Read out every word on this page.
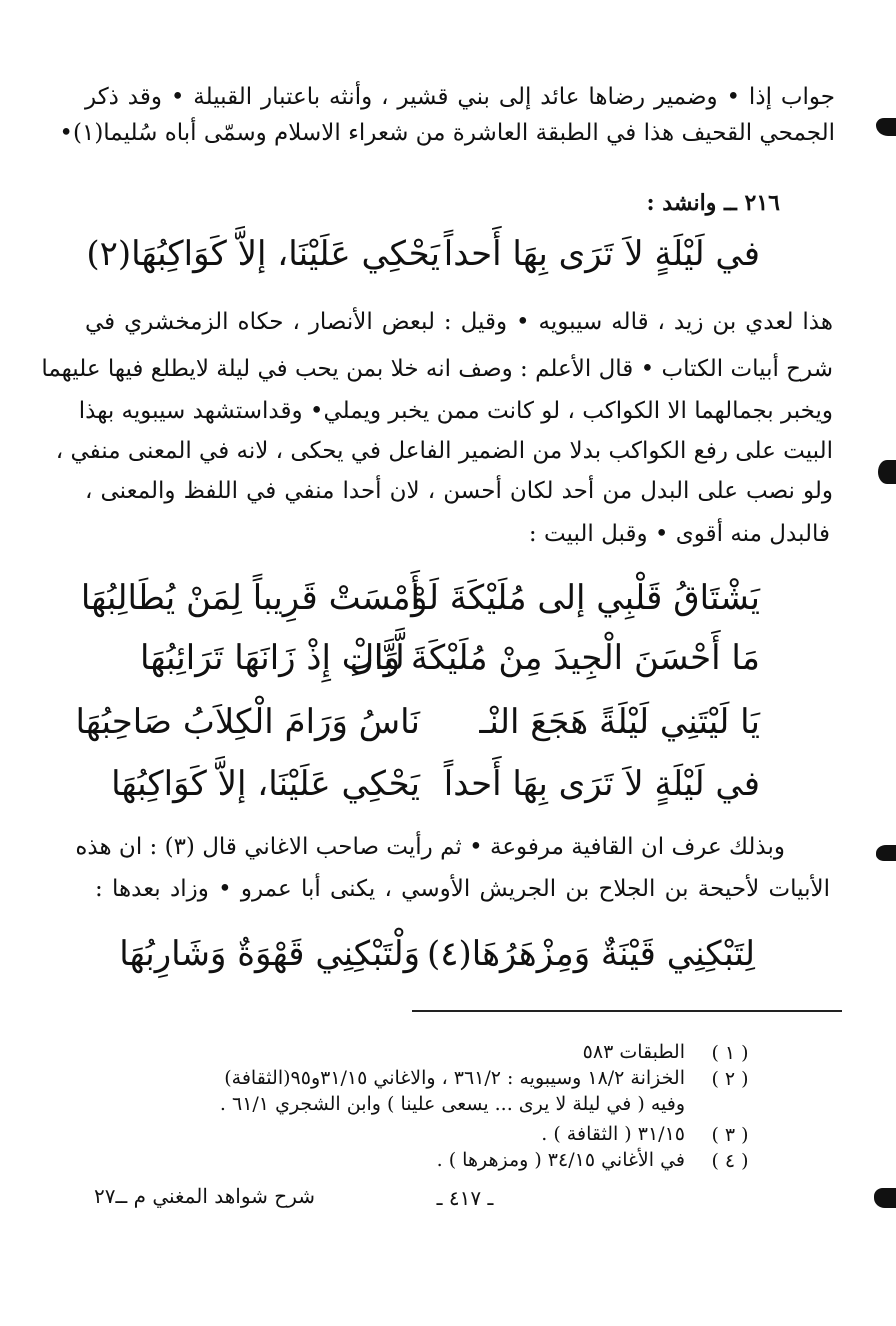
جواب إذا • وضمير رضاها عائد إلى بني قشير ، وأنثه باعتبار القبيلة • وقد ذكر
الجمحي القحيف هذا في الطبقة العاشرة من شعراء الاسلام وسمّى أباه سُليما(١)•
٢١٦ ــ وانشد :
في لَيْلَةٍ لاَ تَرَى بِهَا أَحداً
يَحْكِي عَلَيْنَا، إلاَّ كَوَاكِبُهَا(٢)
هذا لعدي بن زيد ، قاله سيبويه • وقيل : لبعض الأنصار ، حكاه الزمخشري في
شرح أبيات الكتاب • قال الأعلم : وصف انه خلا بمن يحب في ليلة لايطلع فيها عليهما
ويخبر بجمالهما الا الكواكب ، لو كانت ممن يخبر ويملي• وقداستشهد سيبويه بهذا
البيت على رفع الكواكب بدلا من الضمير الفاعل في يحكى ، لانه في المعنى منفي ،
ولو نصب على البدل من أحد لكان أحسن ، لان أحدا منفي في اللفظ والمعنى ،
فالبدل منه أقوى • وقبل البيت :
يَشْتَاقُ قَلْبِي إلى مُلَيْكَةَ لَوْ
أَمْسَتْ قَرِيباً لِمَنْ يُطَالِبُهَا
مَا أَحْسَنَ الْجِيدَ مِنْ مُلَيْكَةَ وَالْ
لَّبَّاتِ إِذْ زَانَهَا تَرَائِبُهَا
يَا لَيْتَنِي لَيْلَةً هَجَعَ النْـ
نَاسُ وَرَامَ الْكِلاَبُ صَاحِبُهَا
في لَيْلَةٍ لاَ تَرَى بِهَا أَحداً
يَحْكِي عَلَيْنَا، إلاَّ كَوَاكِبُهَا
وبذلك عرف ان القافية مرفوعة • ثم رأيت صاحب الاغاني قال (٣) : ان هذه
الأبيات لأحيحة بن الجلاح بن الجريش الأوسي ، يكنى أبا عمرو • وزاد بعدها :
لِتَبْكِنِي قَيْنَةٌ وَمِزْهَرُهَا(٤)
وَلْتَبْكِنِي قَهْوَةٌ وَشَارِبُهَا
( ١ )
الطبقات ٥٨٣
( ٢ )
الخزانة ١٨/٢ وسيبويه : ٣٦١/٢ ، والاغاني ٣١/١٥و٩٥(الثقافة)
وفيه ( في ليلة لا يرى ... يسعى علينا ) وابن الشجري ٦١/١ .
( ٣ )
٣١/١٥ ( الثقافة ) .
( ٤ )
في الأغاني ٣٤/١٥ ( ومزهرها ) .
ـ ٤١٧ ـ
شرح شواهد المغني م ــ٢٧
